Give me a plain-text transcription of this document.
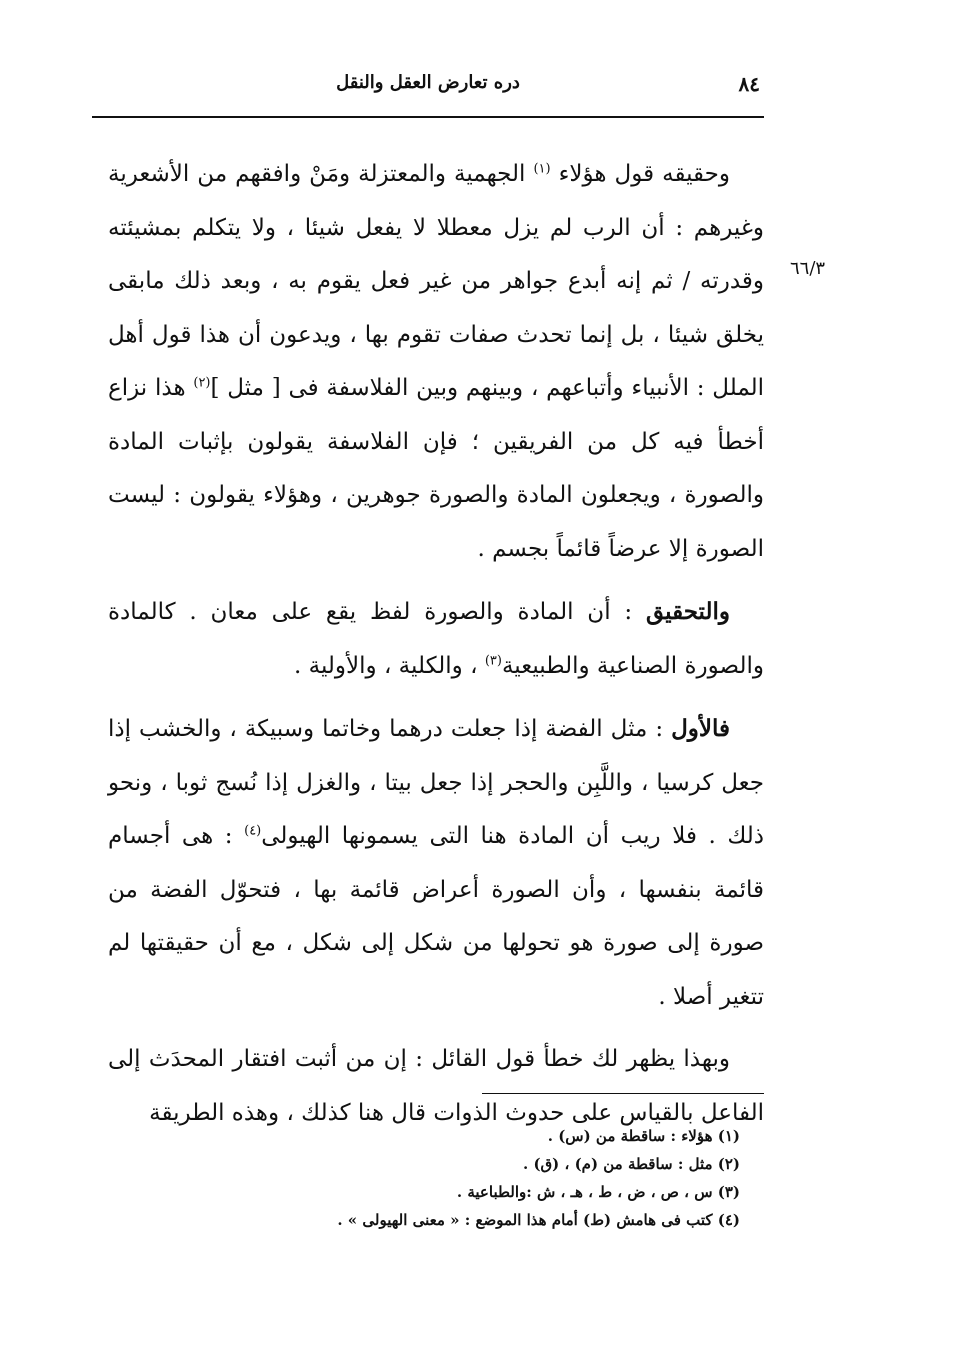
دره تعارض العقل والنقل	٨٤
٦٦/٣

وحقيقه قول هؤلاء $^{(١)}$ الجهمية والمعتزلة ومَنْ وافقهم من الأشعرية وغيرهم : أن الرب لم يزل معطلا لا يفعل شيئا ، ولا يتكلم بمشيئته وقدرته / ثم إنه أبدع جواهر من غير فعل يقوم به ، وبعد ذلك مابقى يخلق شيئا ، بل إنما تحدث صفات تقوم بها ، ويدعون أن هذا قول أهل الملل : الأنبياء وأتباعهم ، وبينهم وبين الفلاسفة فى [ مثل ]$^{(٢)}$ هذا نزاع أخطأ فيه كل من الفريقين ؛ فإن الفلاسفة يقولون بإثبات المادة والصورة ، ويجعلون المادة والصورة جوهرين ، وهؤلاء يقولون : ليست الصورة إلا عرضاً قائماً بجسم .

والتحقيق : أن المادة والصورة لفظ يقع على معان . كالمادة والصورة الصناعية والطبيعية$^{(٣)}$ ، والكلية ، والأولية .

فالأول : مثل الفضة إذا جعلت درهما وخاتما وسبيكة ، والخشب إذا جعل كرسيا ، واللَّبِن والحجر إذا جعل بيتا ، والغزل إذا نُسج ثوبا ، ونحو ذلك . فلا ريب أن المادة هنا التى يسمونها الهيولى$^{(٤)}$ : هى أجسام قائمة بنفسها ، وأن الصورة أعراض قائمة بها ، فتحوّل الفضة من صورة إلى صورة هو تحولها من شكل إلى شكل ، مع أن حقيقتها لم تتغير أصلا .

وبهذا يظهر لك خطأ قول القائل : إن من أثبت افتقار المحدَث إلى الفاعل بالقياس على حدوث الذوات قال هنا كذلك ، وهذه الطريقة

(١) هؤلاء : ساقطة من (س) .

(٢) مثل : ساقطة من (م) ، (ق) .

(٣) س ، ص ، ض ، ط ، هـ ، ش :والطباعية .

(٤) كتب فى هامش (ط) أمام هذا الموضع : « معنى الهيولى » .
